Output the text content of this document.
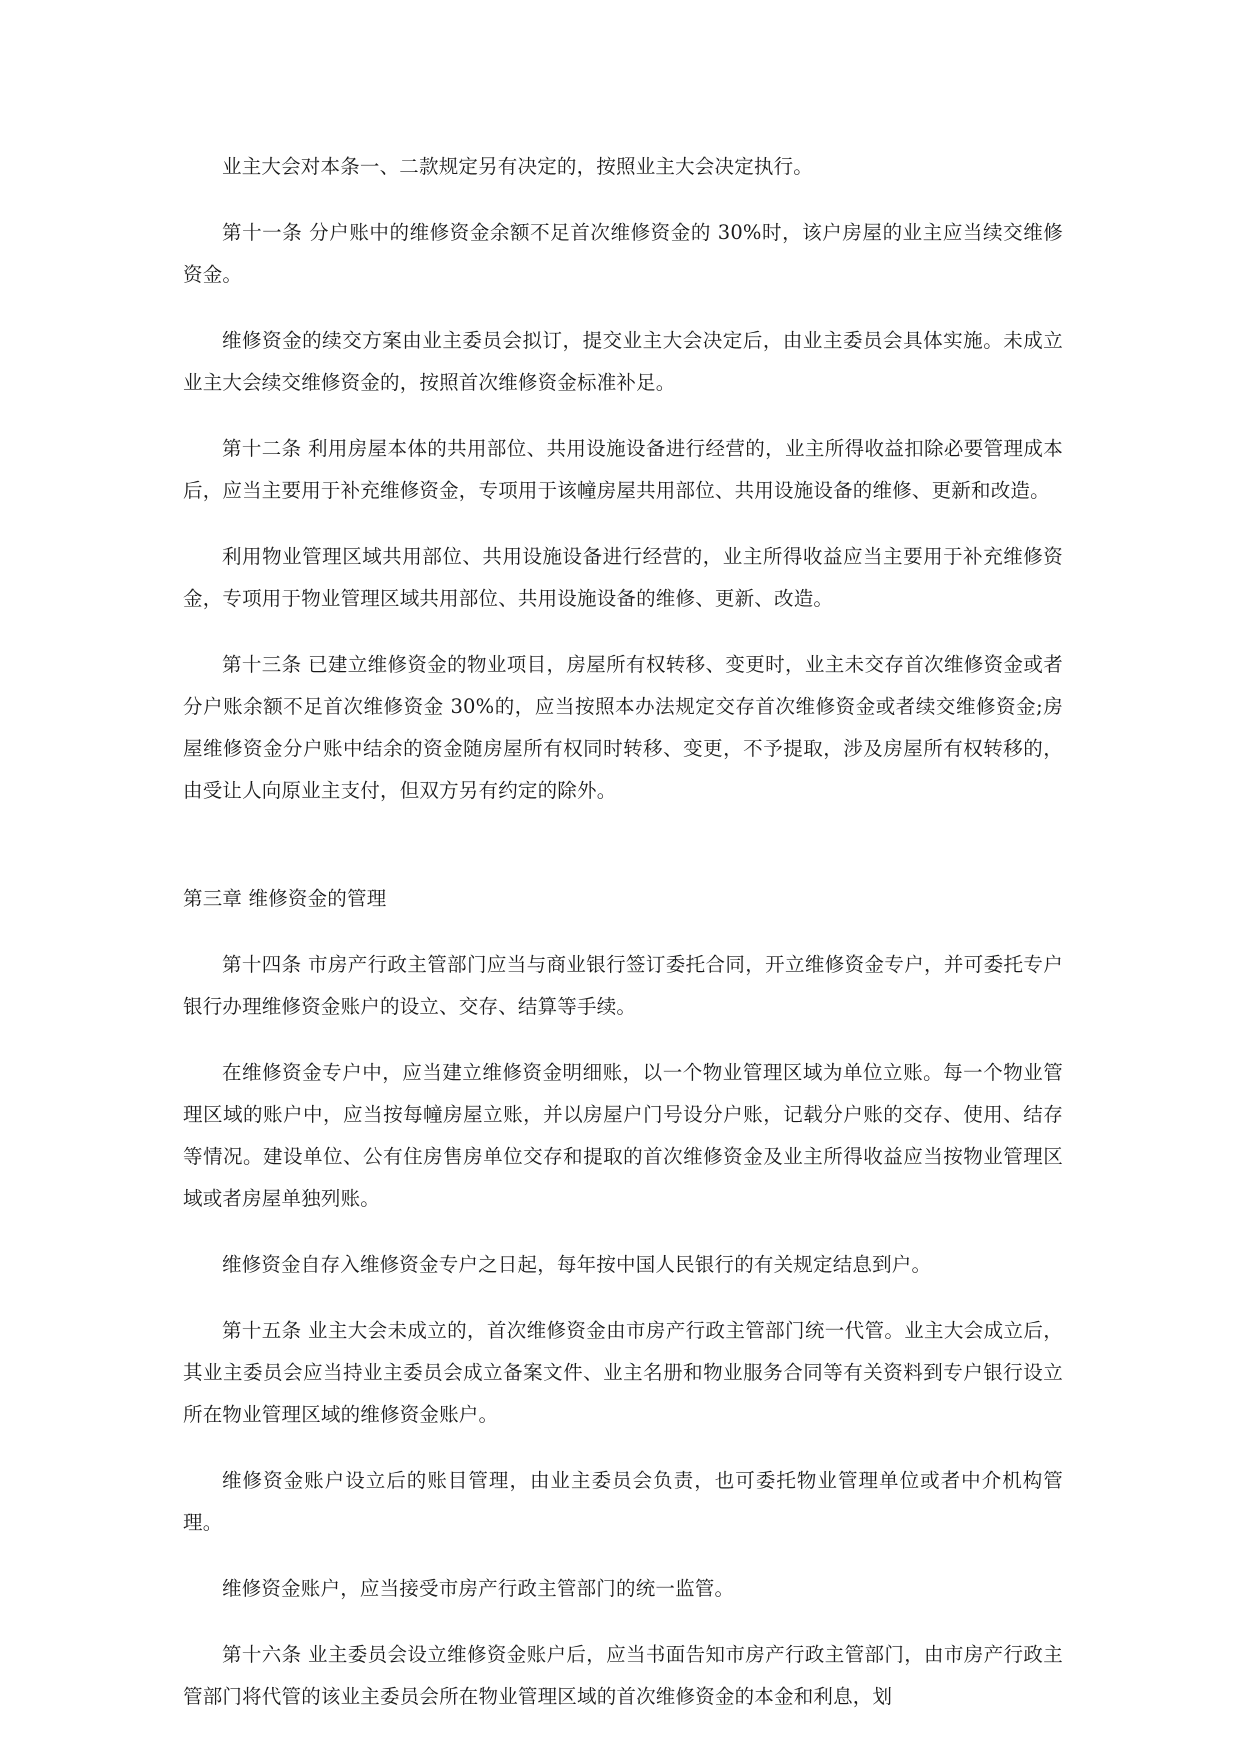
业主大会对本条一、二款规定另有决定的，按照业主大会决定执行。

第十一条 分户账中的维修资金余额不足首次维修资金的 30%时，该户房屋的业主应当续交维修资金。

维修资金的续交方案由业主委员会拟订，提交业主大会决定后，由业主委员会具体实施。未成立业主大会续交维修资金的，按照首次维修资金标准补足。

第十二条 利用房屋本体的共用部位、共用设施设备进行经营的，业主所得收益扣除必要管理成本后，应当主要用于补充维修资金，专项用于该幢房屋共用部位、共用设施设备的维修、更新和改造。

利用物业管理区域共用部位、共用设施设备进行经营的，业主所得收益应当主要用于补充维修资金，专项用于物业管理区域共用部位、共用设施设备的维修、更新、改造。

第十三条 已建立维修资金的物业项目，房屋所有权转移、变更时，业主未交存首次维修资金或者分户账余额不足首次维修资金 30%的，应当按照本办法规定交存首次维修资金或者续交维修资金;房屋维修资金分户账中结余的资金随房屋所有权同时转移、变更，不予提取，涉及房屋所有权转移的，由受让人向原业主支付，但双方另有约定的除外。

第三章 维修资金的管理

第十四条 市房产行政主管部门应当与商业银行签订委托合同，开立维修资金专户，并可委托专户银行办理维修资金账户的设立、交存、结算等手续。

在维修资金专户中，应当建立维修资金明细账，以一个物业管理区域为单位立账。每一个物业管理区域的账户中，应当按每幢房屋立账，并以房屋户门号设分户账，记载分户账的交存、使用、结存等情况。建设单位、公有住房售房单位交存和提取的首次维修资金及业主所得收益应当按物业管理区域或者房屋单独列账。

维修资金自存入维修资金专户之日起，每年按中国人民银行的有关规定结息到户。

第十五条 业主大会未成立的，首次维修资金由市房产行政主管部门统一代管。业主大会成立后，其业主委员会应当持业主委员会成立备案文件、业主名册和物业服务合同等有关资料到专户银行设立所在物业管理区域的维修资金账户。

维修资金账户设立后的账目管理，由业主委员会负责，也可委托物业管理单位或者中介机构管理。

维修资金账户，应当接受市房产行政主管部门的统一监管。

第十六条 业主委员会设立维修资金账户后，应当书面告知市房产行政主管部门，由市房产行政主管部门将代管的该业主委员会所在物业管理区域的首次维修资金的本金和利息，划
